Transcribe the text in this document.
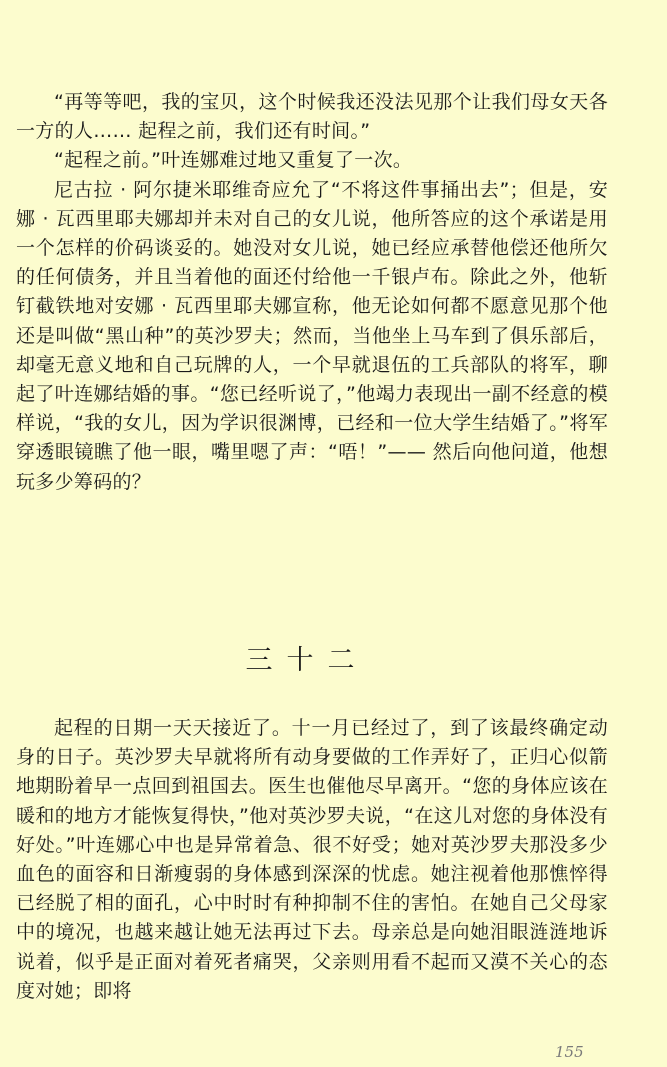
“再等等吧，我的宝贝，这个时候我还没法见那个让我们母女天各一方的人…… 起程之前，我们还有时间。”

“起程之前。”叶连娜难过地又重复了一次。

尼古拉 · 阿尔捷米耶维奇应允了“不将这件事捅出去”；但是，安娜 · 瓦西里耶夫娜却并未对自己的女儿说，他所答应的这个承诺是用一个怎样的价码谈妥的。她没对女儿说，她已经应承替他偿还他所欠的任何债务，并且当着他的面还付给他一千银卢布。除此之外，他斩钉截铁地对安娜 · 瓦西里耶夫娜宣称，他无论如何都不愿意见那个他还是叫做“黑山种”的英沙罗夫；然而，当他坐上马车到了俱乐部后，却毫无意义地和自己玩牌的人，一个早就退伍的工兵部队的将军，聊起了叶连娜结婚的事。“您已经听说了，”他竭力表现出一副不经意的模样说，“我的女儿，因为学识很渊博，已经和一位大学生结婚了。”将军穿透眼镜瞧了他一眼，嘴里嗯了声：“唔！”—— 然后向他问道，他想玩多少筹码的？

三十二

起程的日期一天天接近了。十一月已经过了，到了该最终确定动身的日子。英沙罗夫早就将所有动身要做的工作弄好了，正归心似箭地期盼着早一点回到祖国去。医生也催他尽早离开。“您的身体应该在暖和的地方才能恢复得快，”他对英沙罗夫说，“在这儿对您的身体没有好处。”叶连娜心中也是异常着急、很不好受；她对英沙罗夫那没多少血色的面容和日渐瘦弱的身体感到深深的忧虑。她注视着他那憔悴得已经脱了相的面孔，心中时时有种抑制不住的害怕。在她自己父母家中的境况，也越来越让她无法再过下去。母亲总是向她泪眼涟涟地诉说着，似乎是正面对着死者痛哭，父亲则用看不起而又漠不关心的态度对她；即将

155
